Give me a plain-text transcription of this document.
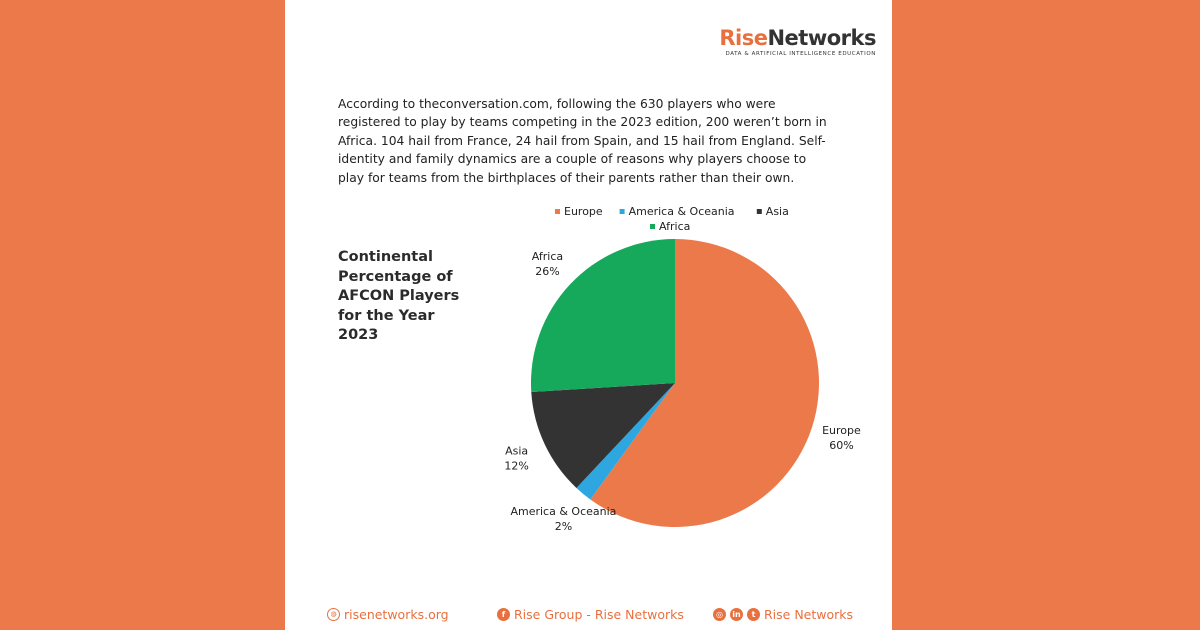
RiseNetworks
DATA & ARTIFICIAL INTELLIGENCE EDUCATION

According to theconversation.com, following the 630 players who were registered to play by teams competing in the 2023 edition, 200 weren’t born in Africa. 104 hail from France, 24 hail from Spain, and 15 hail from England. Self-identity and family dynamics are a couple of reasons why players choose to play for teams from the birthplaces of their parents rather than their own.

Continental Percentage of AFCON Players for the Year 2023
Europe
60%
America & Oceania
2%
Asia
12%
Africa
26%
Europe America & Oceania	Asia
Africa
◍ risenetworks.org	f Rise Group - Rise Networks	◎	in	t Rise Networks
